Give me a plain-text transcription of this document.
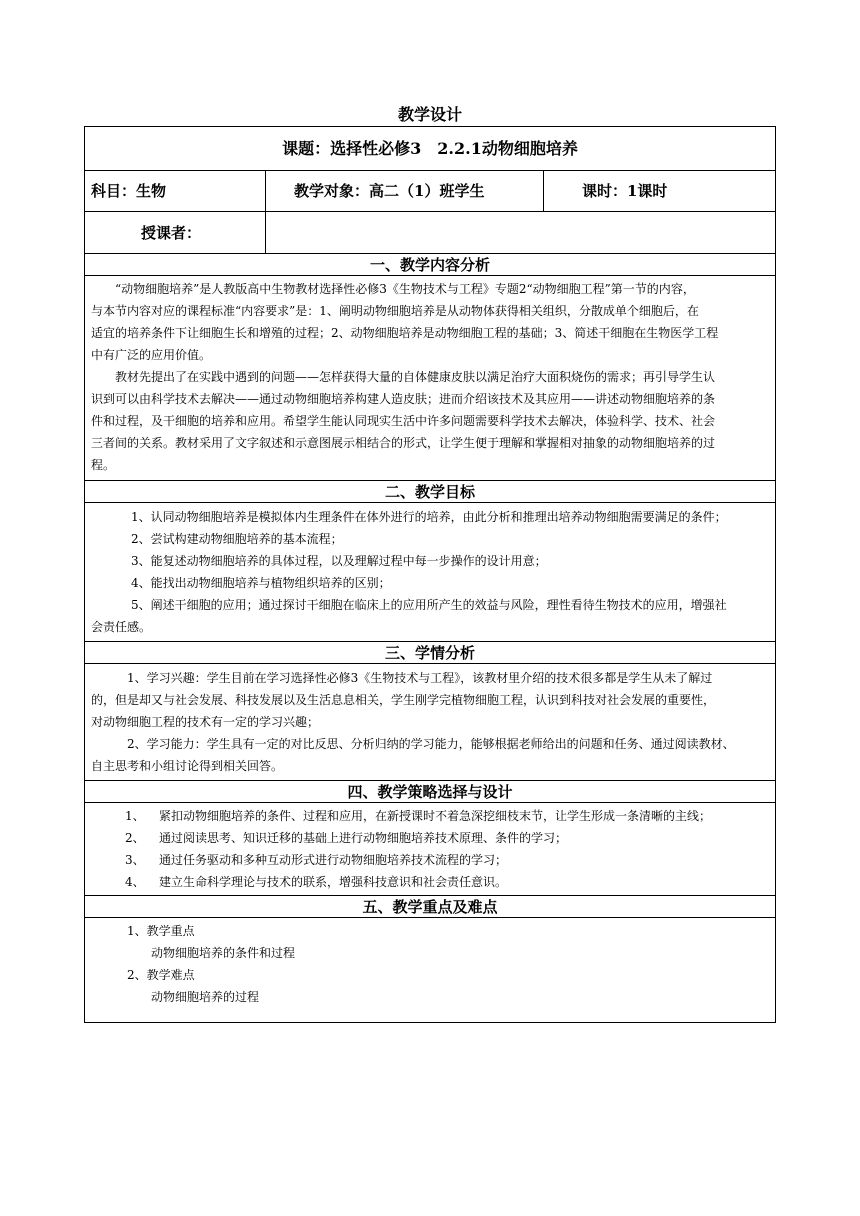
教学设计
课题：选择性必修3　2.2.1动物细胞培养
科目：生物	教学对象：高二（1）班学生	课时：1课时
授课者：
一、教学内容分析

“动物细胞培养”是人教版高中生物教材选择性必修3《生物技术与工程》专题2“动物细胞工程”第一节的内容，

与本节内容对应的课程标准“内容要求”是：1、阐明动物细胞培养是从动物体获得相关组织，分散成单个细胞后，在

适宜的培养条件下让细胞生长和增殖的过程；2、动物细胞培养是动物细胞工程的基础；3、简述干细胞在生物医学工程

中有广泛的应用价值。

教材先提出了在实践中遇到的问题——怎样获得大量的自体健康皮肤以满足治疗大面积烧伤的需求；再引导学生认

识到可以由科学技术去解决——通过动物细胞培养构建人造皮肤；进而介绍该技术及其应用——讲述动物细胞培养的条

件和过程，及干细胞的培养和应用。希望学生能认同现实生活中许多问题需要科学技术去解决，体验科学、技术、社会

三者间的关系。教材采用了文字叙述和示意图展示相结合的形式，让学生便于理解和掌握相对抽象的动物细胞培养的过

程。

二、教学目标

1、认同动物细胞培养是模拟体内生理条件在体外进行的培养，由此分析和推理出培养动物细胞需要满足的条件；

2、尝试构建动物细胞培养的基本流程；

3、能复述动物细胞培养的具体过程，以及理解过程中每一步操作的设计用意；

4、能找出动物细胞培养与植物组织培养的区别；

5、阐述干细胞的应用；通过探讨干细胞在临床上的应用所产生的效益与风险，理性看待生物技术的应用，增强社

会责任感。

三、学情分析

1、学习兴趣：学生目前在学习选择性必修3《生物技术与工程》，该教材里介绍的技术很多都是学生从未了解过

的，但是却又与社会发展、科技发展以及生活息息相关，学生刚学完植物细胞工程，认识到科技对社会发展的重要性，

对动物细胞工程的技术有一定的学习兴趣；

2、学习能力：学生具有一定的对比反思、分析归纳的学习能力，能够根据老师给出的问题和任务、通过阅读教材、

自主思考和小组讨论得到相关回答。

四、教学策略选择与设计

1、 紧扣动物细胞培养的条件、过程和应用，在新授课时不着急深挖细枝末节，让学生形成一条清晰的主线；

2、 通过阅读思考、知识迁移的基础上进行动物细胞培养技术原理、条件的学习；

3、 通过任务驱动和多种互动形式进行动物细胞培养技术流程的学习；

4、 建立生命科学理论与技术的联系，增强科技意识和社会责任意识。

五、教学重点及难点

1、教学重点

动物细胞培养的条件和过程

2、教学难点

动物细胞培养的过程
